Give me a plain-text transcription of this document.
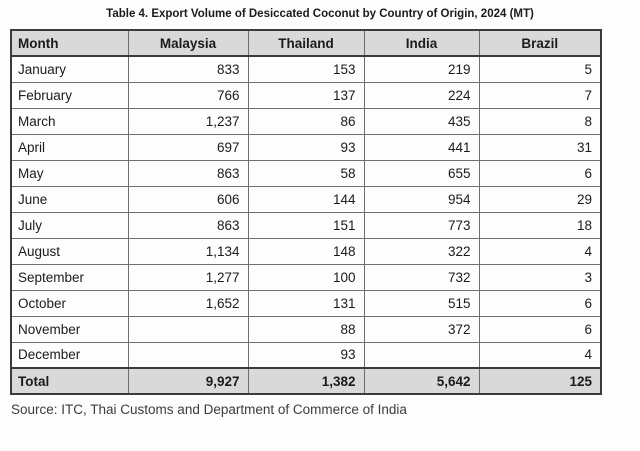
Table 4. Export Volume of Desiccated Coconut by Country of Origin, 2024 (MT)
Month	Malaysia	Thailand	India	Brazil
January	833	153	219	5
February	766	137	224	7
March	1,237	86	435	8
April	697	93	441	31
May	863	58	655	6
June	606	144	954	29
July	863	151	773	18
August	1,134	148	322	4
September	1,277	100	732	3
October	1,652	131	515	6
November		88	372	6
December		93		4
Total	9,927	1,382	5,642	125
Source: ITC, Thai Customs and Department of Commerce of India
